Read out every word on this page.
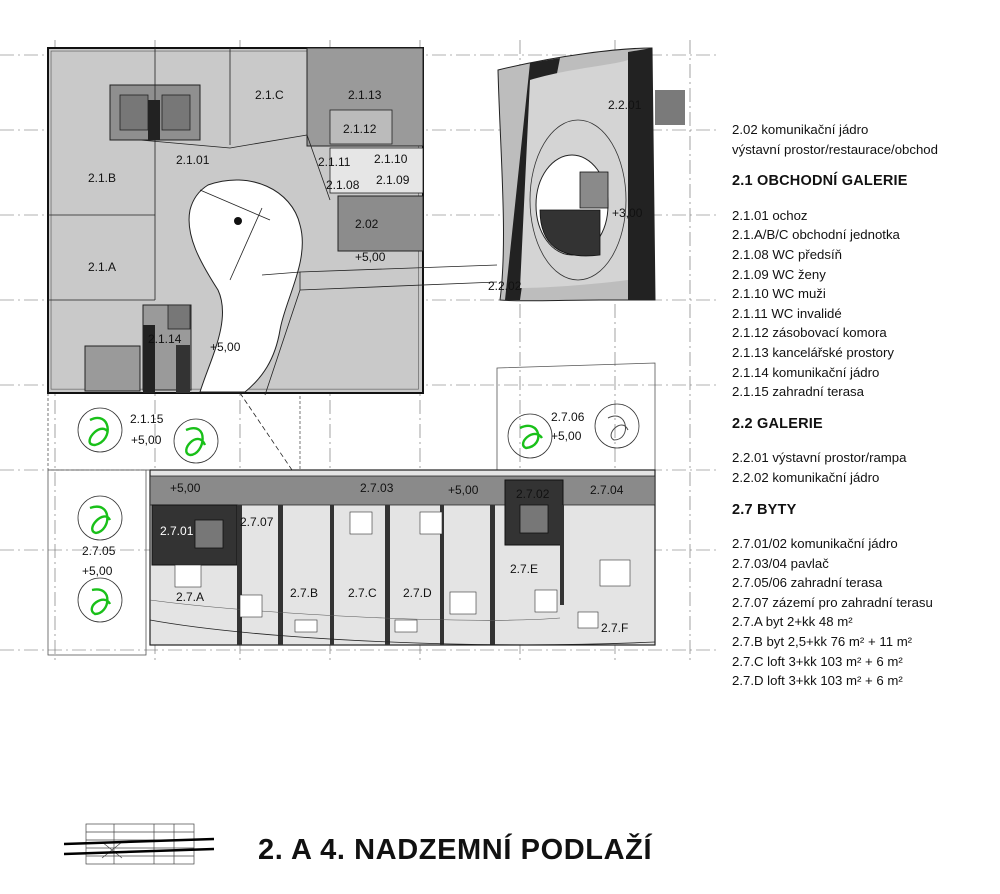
2.1.C	2.1.13
2.1.12
2.1.01	2.1.11 2.1.10
2.1.B	2.1.08 2.1.09
2.02
+5,00
2.1.A
2.1.14
+5,00
2.2.01
+3,00
2.2.02
2.1.15
+5,00
2.7.06
+5,00
+5,00	2.7.03	+5,00	2.7.02	2.7.04
2.7.01
2.7.07
2.7.05
+5,00	2.7.E
2.7.A	2.7.B 2.7.C 2.7.D
2.7.F
2.02 komunikační jádro
výstavní prostor/restaurace/obchod
2.1 OBCHODNÍ GALERIE
2.1.01 ochoz
2.1.A/B/C obchodní jednotka
2.1.08 WC předsíň
2.1.09 WC ženy
2.1.10 WC muži
2.1.11 WC invalidé
2.1.12 zásobovací komora
2.1.13 kancelářské prostory
2.1.14 komunikační jádro
2.1.15 zahradní terasa
2.2 GALERIE
2.2.01 výstavní prostor/rampa
2.2.02 komunikační jádro
2.7 BYTY
2.7.01/02 komunikační jádro
2.7.03/04 pavlač
2.7.05/06 zahradní terasa
2.7.07 zázemí pro zahradní terasu
2.7.A byt 2+kk 48 m²
2.7.B byt 2,5+kk 76 m² + 11 m²
2.7.C loft 3+kk 103 m² + 6 m²
2.7.D loft 3+kk 103 m² + 6 m²
2. A 4. NADZEMNÍ PODLAŽÍ
